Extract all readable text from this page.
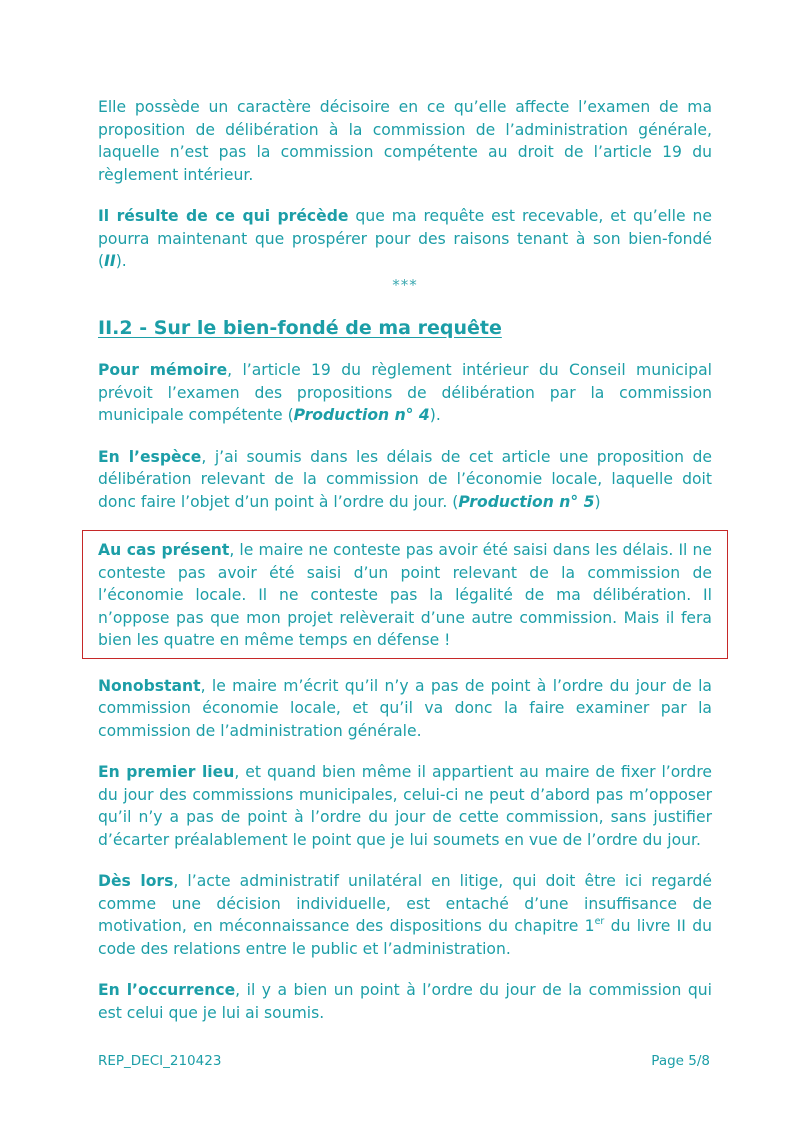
Elle possède un caractère décisoire en ce qu’elle affecte l’examen de ma proposition de délibération à la commission de l’administration générale, laquelle n’est pas la commission compétente au droit de l’article 19 du règlement intérieur.

Il résulte de ce qui précède que ma requête est recevable, et qu’elle ne pourra maintenant que prospérer pour des raisons tenant à son bien-fondé (II).

***
II.2 - Sur le bien-fondé de ma requête

Pour mémoire, l’article 19 du règlement intérieur du Conseil municipal prévoit l’examen des propositions de délibération par la commission municipale compétente (Production n° 4).

En l’espèce, j’ai soumis dans les délais de cet article une proposition de délibération relevant de la commission de l’économie locale, laquelle doit donc faire l’objet d’un point à l’ordre du jour. (Production n° 5)

Au cas présent, le maire ne conteste pas avoir été saisi dans les délais. Il ne conteste pas avoir été saisi d’un point relevant de la commission de l’économie locale. Il ne conteste pas la légalité de ma délibération. Il n’oppose pas que mon projet relèverait d’une autre commission. Mais il fera bien les quatre en même temps en défense !

Nonobstant, le maire m’écrit qu’il n’y a pas de point à l’ordre du jour de la commission économie locale, et qu’il va donc la faire examiner par la commission de l’administration générale.

En premier lieu, et quand bien même il appartient au maire de fixer l’ordre du jour des commissions municipales, celui-ci ne peut d’abord pas m’opposer qu’il n’y a pas de point à l’ordre du jour de cette commission, sans justifier d’écarter préalablement le point que je lui soumets en vue de l’ordre du jour.

Dès lors, l’acte administratif unilatéral en litige, qui doit être ici regardé comme une décision individuelle, est entaché d’une insuffisance de motivation, en méconnaissance des dispositions du chapitre 1er du livre II du code des relations entre le public et l’administration.

En l’occurrence, il y a bien un point à l’ordre du jour de la commission qui est celui que je lui ai soumis.

REP_DECI_210423	Page 5/8
